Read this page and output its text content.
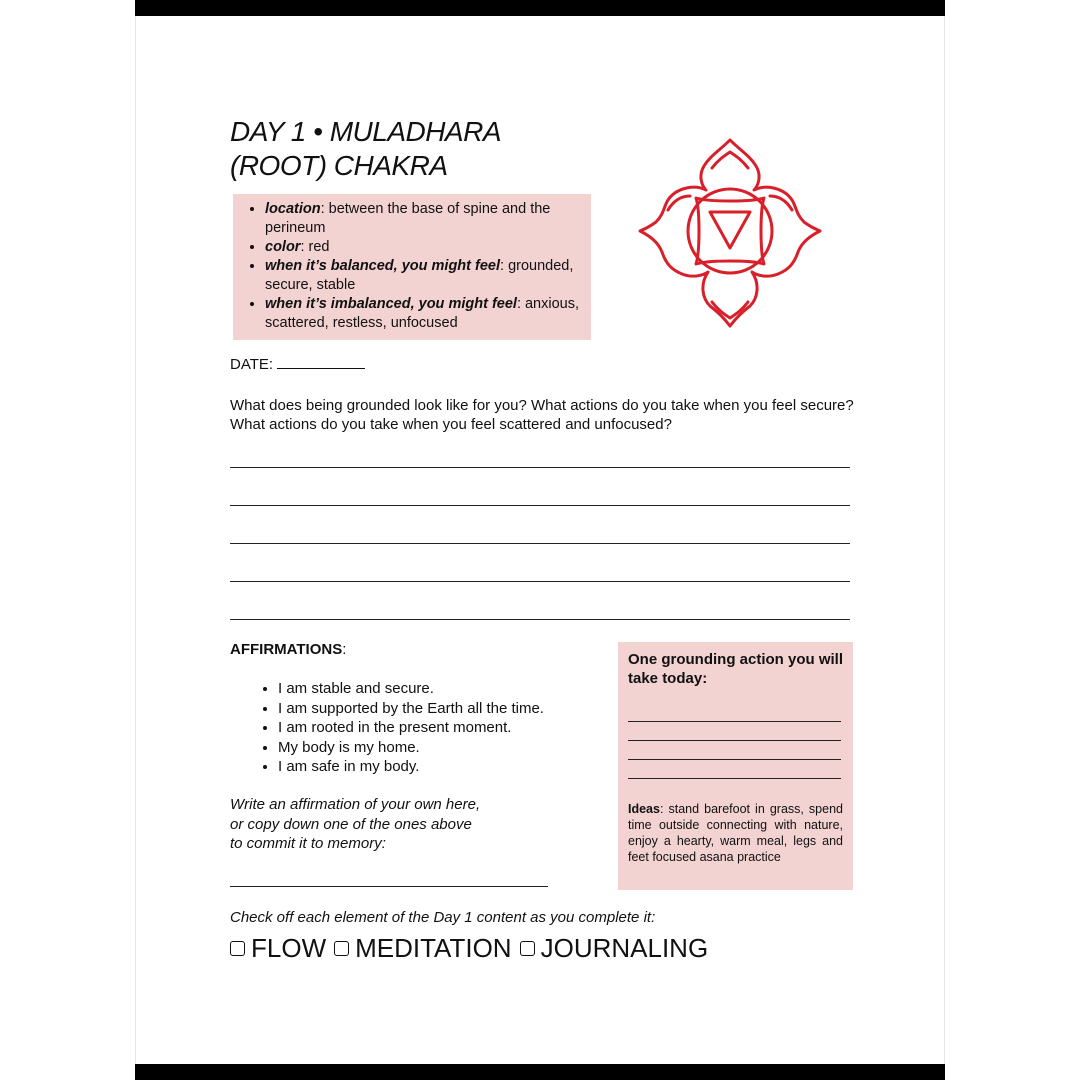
DAY 1 • MULADHARA
(ROOT) CHAKRA
• location: between the base of spine and the perineum
• color: red
• when it’s balanced, you might feel: grounded, secure, stable
• when it’s imbalanced, you might feel: anxious, scattered, restless, unfocused
DATE:
What does being grounded look like for you? What actions do you take when you feel secure? What actions do you take when you feel scattered and unfocused?
AFFIRMATIONS:
• I am stable and secure.
• I am supported by the Earth all the time.
• I am rooted in the present moment.
• My body is my home.
• I am safe in my body.
Write an affirmation of your own here,
or copy down one of the ones above
to commit it to memory:
One grounding action you will take today:
Ideas: stand barefoot in grass, spend time outside connecting with nature, enjoy a hearty, warm meal, legs and feet focused asana practice
Check off each element of the Day 1 content as you complete it:
FLOW MEDITATION JOURNALING
